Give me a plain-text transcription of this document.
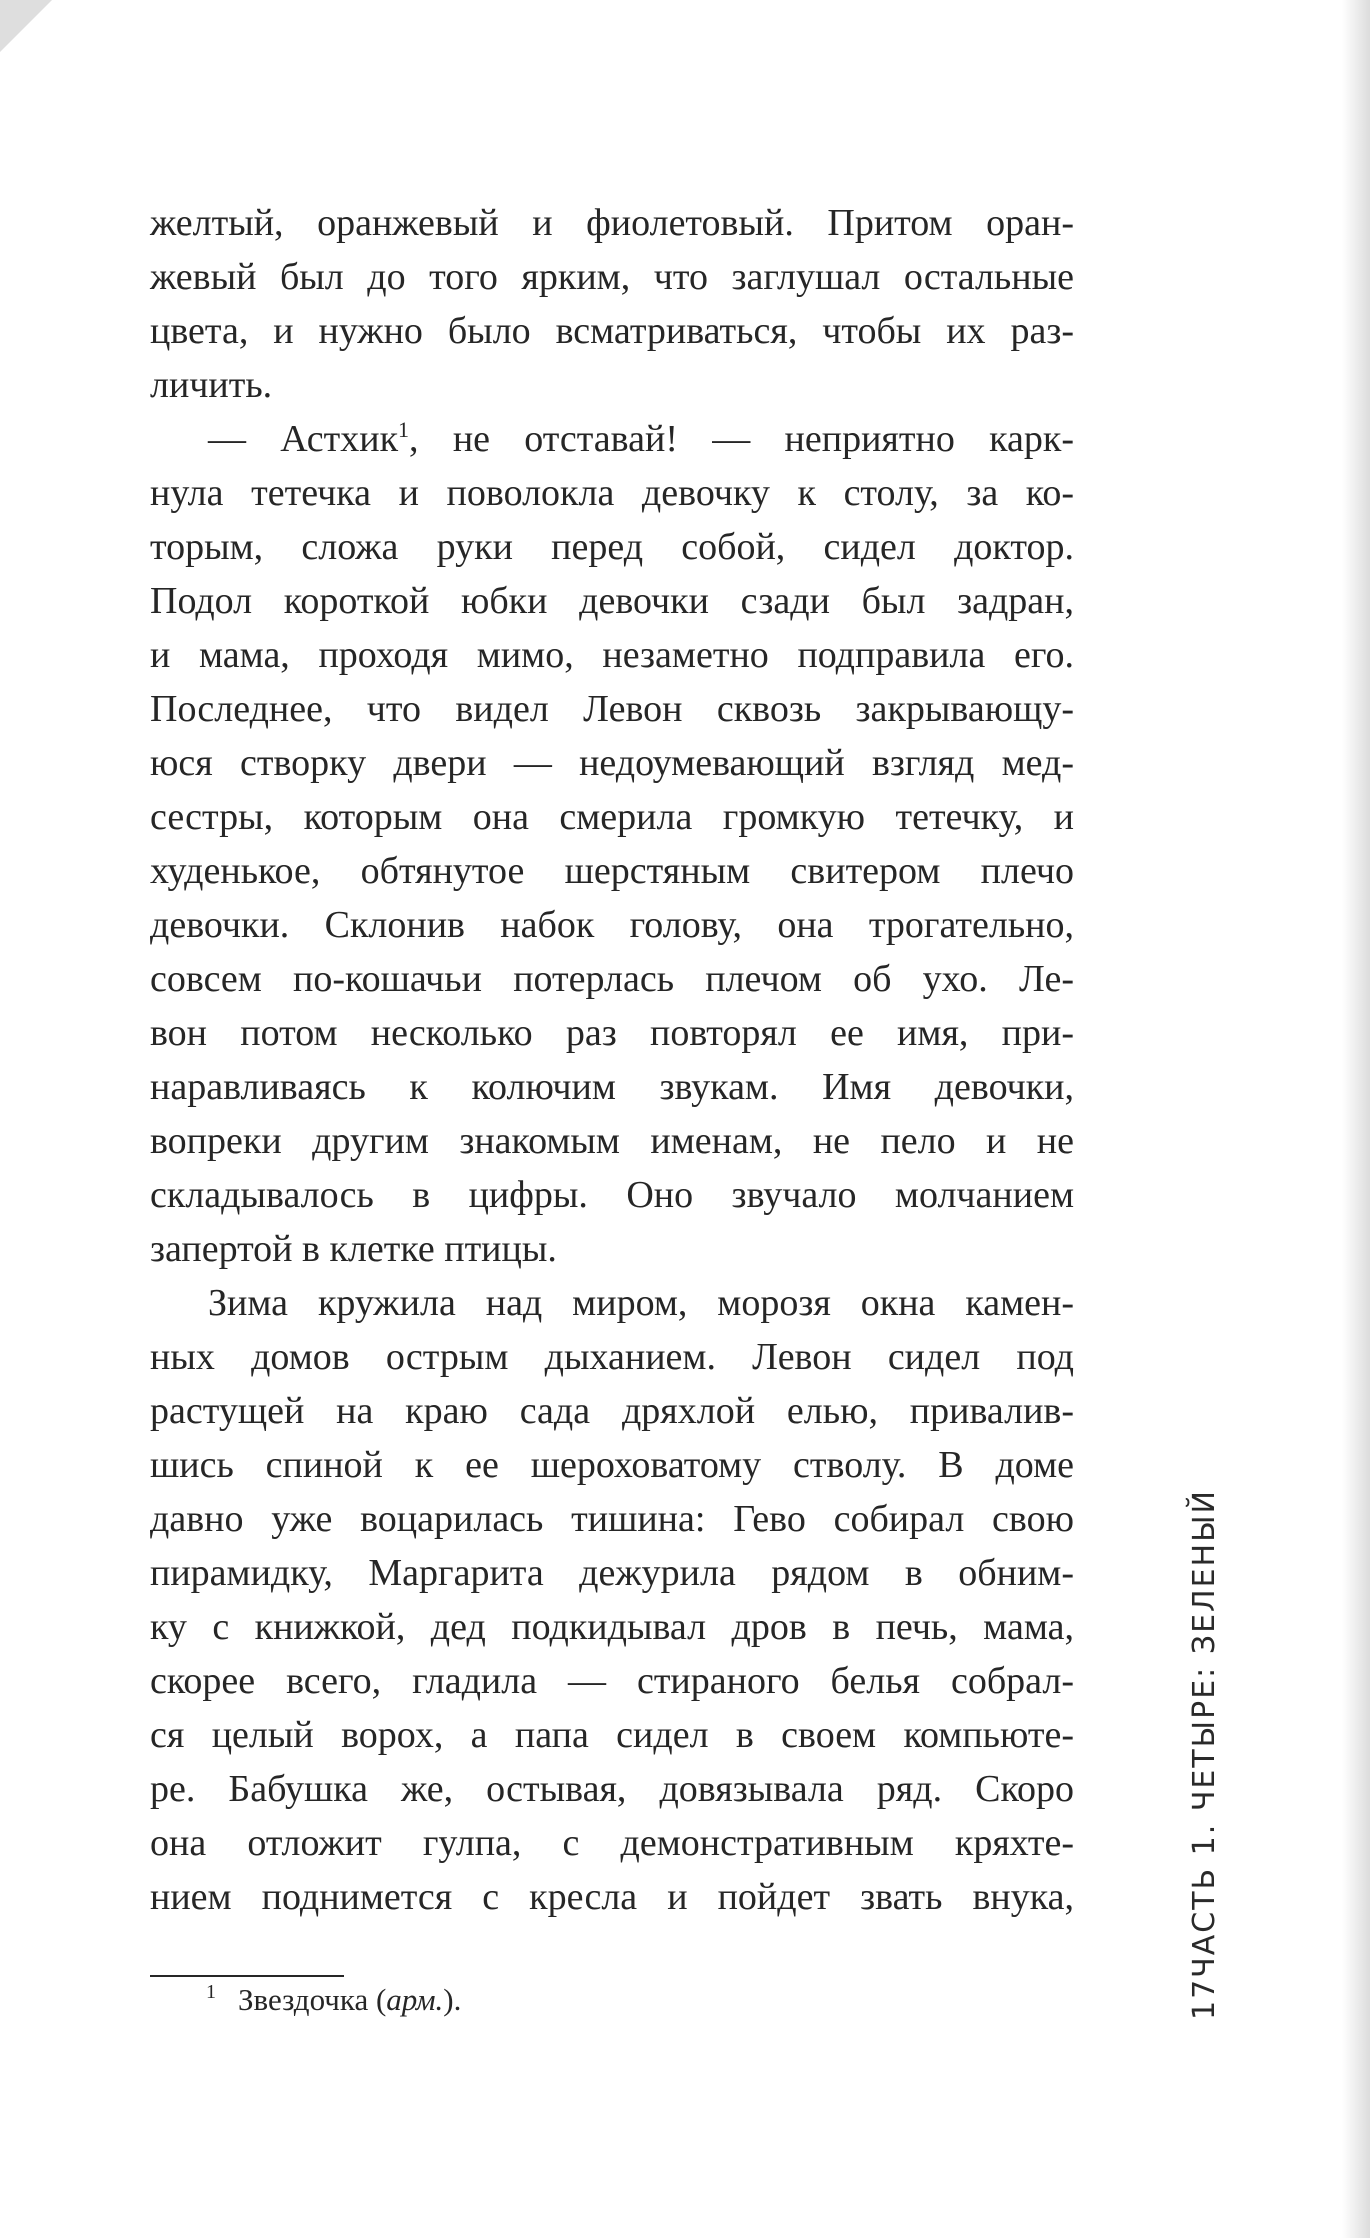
желтый, оранжевый и фиолетовый. Притом оран-
жевый был до того ярким, что заглушал остальные
цвета, и нужно было всматриваться, чтобы их раз-
личить.
— Астхик$^1$, не отставай! — неприятно карк-
нула тетечка и поволокла девочку к столу, за ко-
торым, сложа руки перед собой, сидел доктор.
Подол короткой юбки девочки сзади был задран,
и мама, проходя мимо, незаметно подправила его.
Последнее, что видел Левон сквозь закрывающу-
юся створку двери — недоумевающий взгляд мед-
сестры, которым она смерила громкую тетечку, и
худенькое, обтянутое шерстяным свитером плечо
девочки. Склонив набок голову, она трогательно,
совсем по-кошачьи потерлась плечом об ухо. Ле-
вон потом несколько раз повторял ее имя, при-
наравливаясь к колючим звукам. Имя девочки,
вопреки другим знакомым именам, не пело и не
складывалось в цифры. Оно звучало молчанием
запертой в клетке птицы.
Зима кружила над миром, морозя окна камен-
ных домов острым дыханием. Левон сидел под
растущей на краю сада дряхлой елью, привалив-
шись спиной к ее шероховатому стволу. В доме
давно уже воцарилась тишина: Гево собирал свою
пирамидку, Маргарита дежурила рядом в обним-
ку с книжкой, дед подкидывал дров в печь, мама,
скорее всего, гладила — стираного белья собрал-
ся целый ворох, а папа сидел в своем компьюте-
ре. Бабушка же, остывая, довязывала ряд. Скоро
она отложит гулпа, с демонстративным кряхте-
нием поднимется с кресла и пойдет звать внука,
$^1$ Звездочка (арм.).	17
ЧАСТЬ 1. ЧЕТЫРЕ: ЗЕЛЕНЫЙ
